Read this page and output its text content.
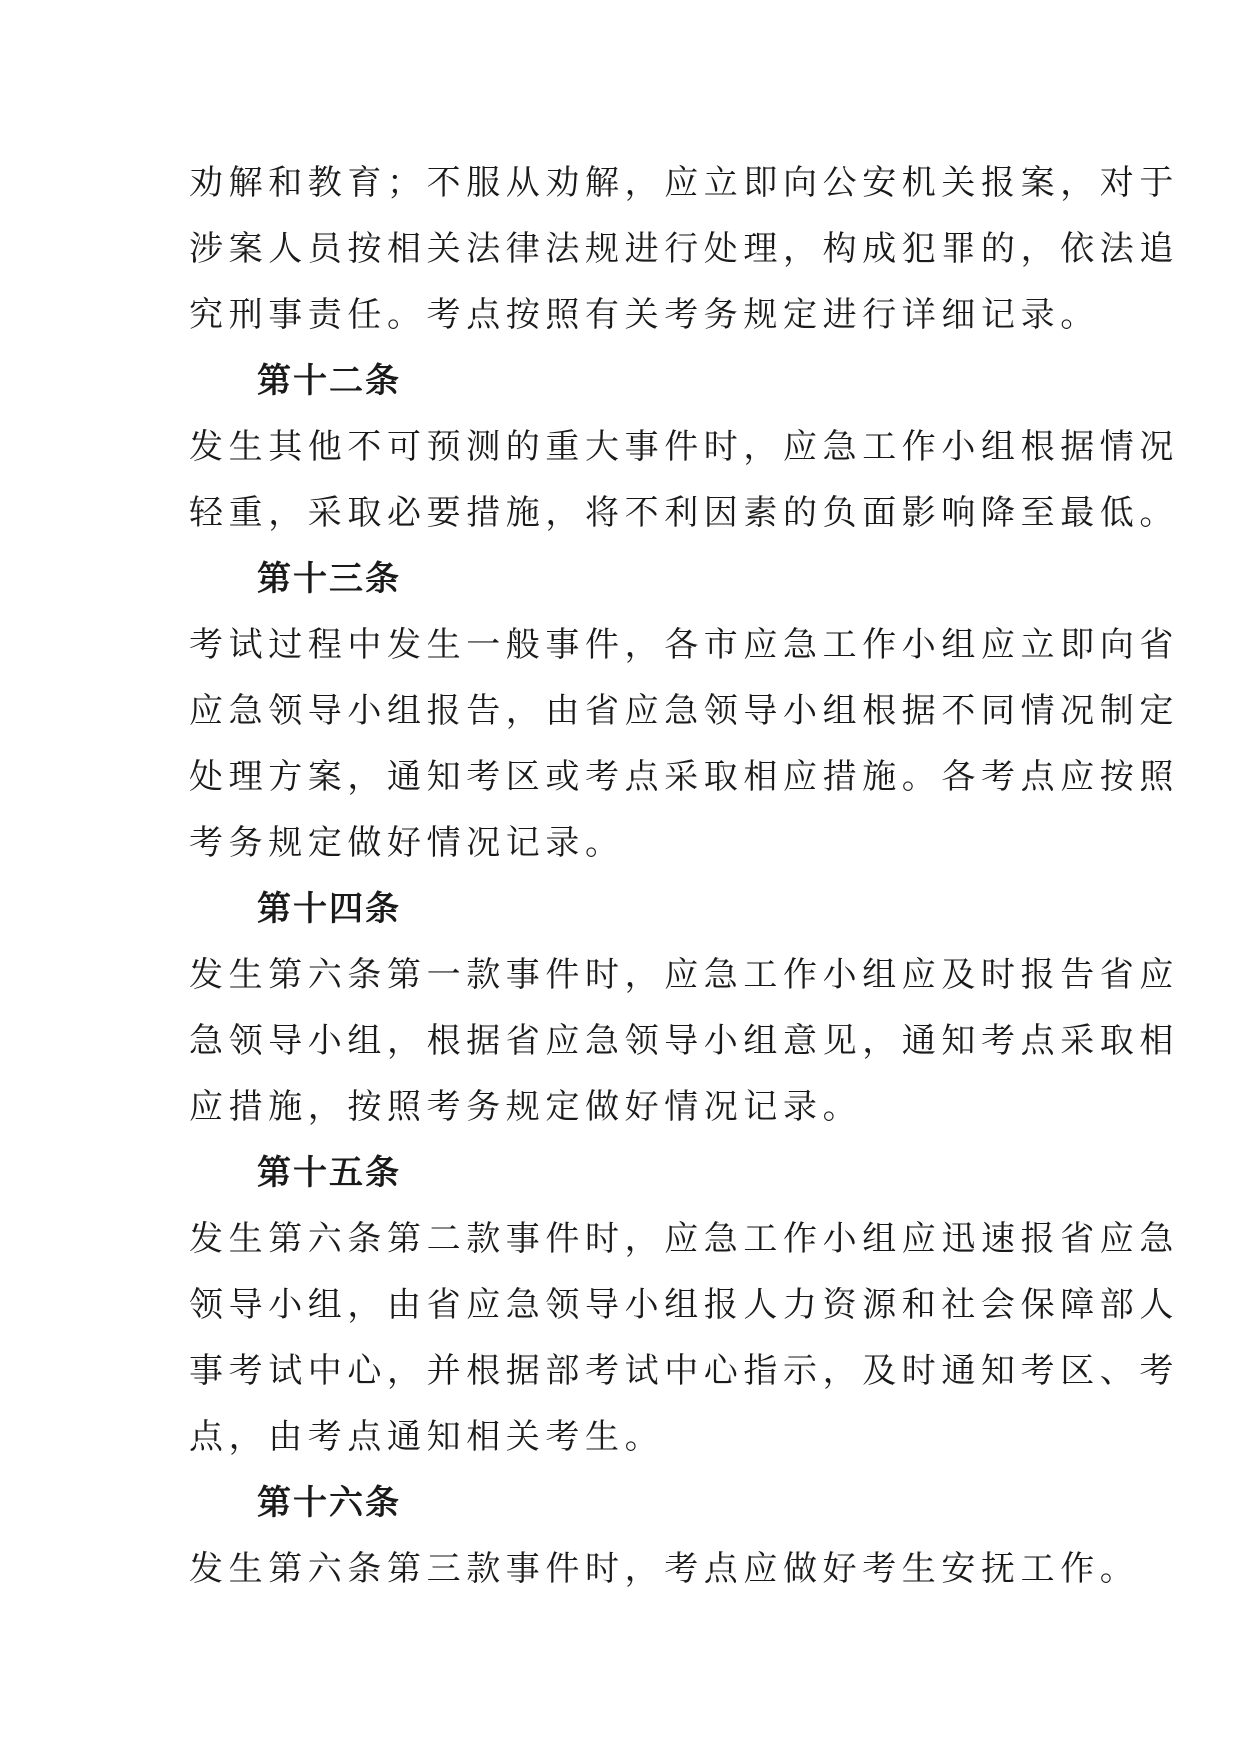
劝解和教育；不服从劝解，应立即向公安机关报案，对于
涉案人员按相关法律法规进行处理，构成犯罪的，依法追
究刑事责任。考点按照有关考务规定进行详细记录。
第十二条
发生其他不可预测的重大事件时，应急工作小组根据情况
轻重，采取必要措施，将不利因素的负面影响降至最低。
第十三条
考试过程中发生一般事件，各市应急工作小组应立即向省
应急领导小组报告，由省应急领导小组根据不同情况制定
处理方案，通知考区或考点采取相应措施。各考点应按照
考务规定做好情况记录。
第十四条
发生第六条第一款事件时，应急工作小组应及时报告省应
急领导小组，根据省应急领导小组意见，通知考点采取相
应措施，按照考务规定做好情况记录。
第十五条
发生第六条第二款事件时，应急工作小组应迅速报省应急
领导小组，由省应急领导小组报人力资源和社会保障部人
事考试中心，并根据部考试中心指示，及时通知考区、考
点，由考点通知相关考生。
第十六条
发生第六条第三款事件时，考点应做好考生安抚工作。
